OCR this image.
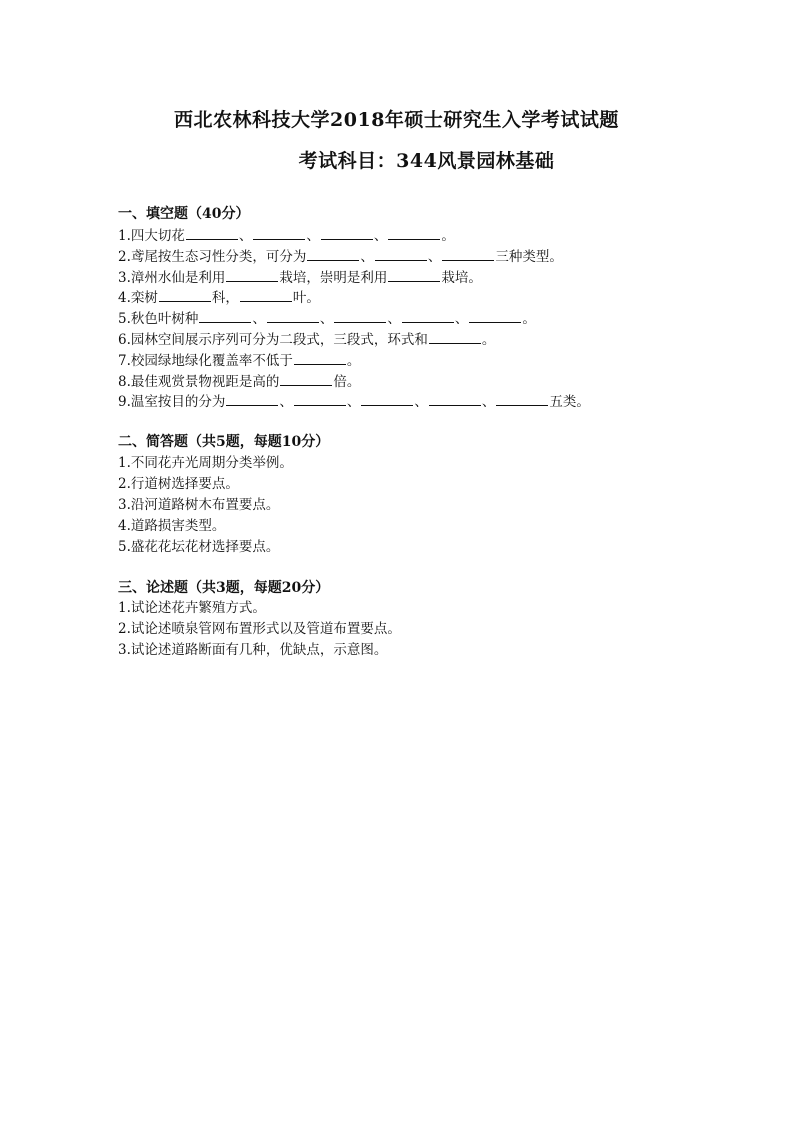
西北农林科技大学2018年硕士研究生入学考试试题
考试科目：344风景园林基础
一、填空题（40分）
1.四大切花	、	、	、	。
2.鸢尾按生态习性分类，可分为	、	、	三种类型。
3.漳州水仙是利用	栽培，崇明是利用	栽培。
4.栾树	科，	叶。
5.秋色叶树种	、	、	、	、	。
6.园林空间展示序列可分为二段式，三段式，环式和	。
7.校园绿地绿化覆盖率不低于	。
8.最佳观赏景物视距是高的	倍。
9.温室按目的分为	、	、	、	、	五类。
二、简答题（共5题，每题10分）
1.不同花卉光周期分类举例。
2.行道树选择要点。
3.沿河道路树木布置要点。
4.道路损害类型。
5.盛花花坛花材选择要点。
三、论述题（共3题，每题20分）
1.试论述花卉繁殖方式。
2.试论述喷泉管网布置形式以及管道布置要点。
3.试论述道路断面有几种，优缺点，示意图。
